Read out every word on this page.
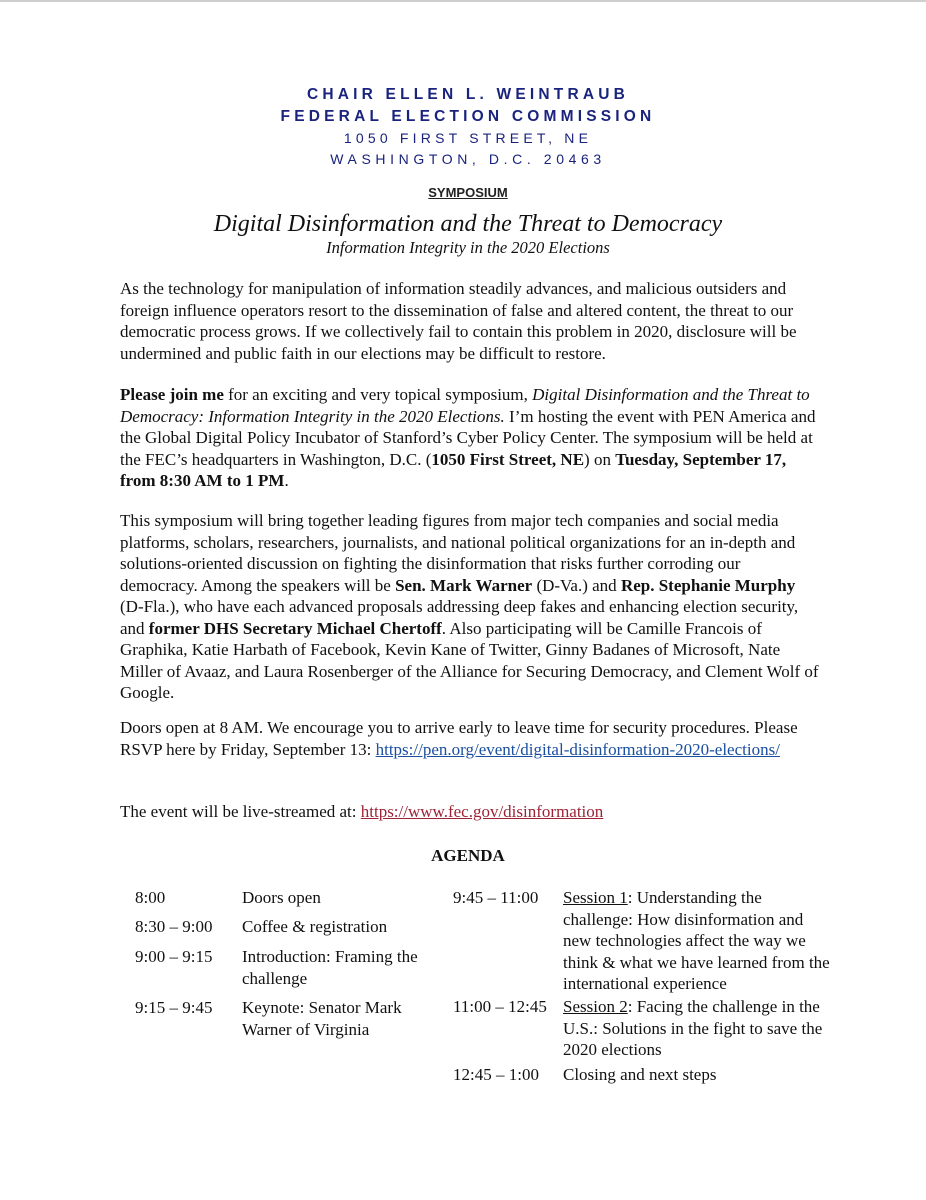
CHAIR ELLEN L. WEINTRAUB
FEDERAL ELECTION COMMISSION
1050 FIRST STREET, NE
WASHINGTON, D.C. 20463
SYMPOSIUM
Digital Disinformation and the Threat to Democracy
Information Integrity in the 2020 Elections

As the technology for manipulation of information steadily advances, and malicious outsiders and foreign influence operators resort to the dissemination of false and altered content, the threat to our democratic process grows. If we collectively fail to contain this problem in 2020, disclosure will be undermined and public faith in our elections may be difficult to restore.

Please join me for an exciting and very topical symposium, Digital Disinformation and the Threat to Democracy: Information Integrity in the 2020 Elections. I’m hosting the event with PEN America and the Global Digital Policy Incubator of Stanford’s Cyber Policy Center. The symposium will be held at the FEC’s headquarters in Washington, D.C. (1050 First Street, NE) on Tuesday, September 17, from 8:30 AM to 1 PM.

This symposium will bring together leading figures from major tech companies and social media platforms, scholars, researchers, journalists, and national political organizations for an in-depth and solutions-oriented discussion on fighting the disinformation that risks further corroding our democracy. Among the speakers will be Sen. Mark Warner (D-Va.) and Rep. Stephanie Murphy (D-Fla.), who have each advanced proposals addressing deep fakes and enhancing election security, and former DHS Secretary Michael Chertoff. Also participating will be Camille Francois of Graphika, Katie Harbath of Facebook, Kevin Kane of Twitter, Ginny Badanes of Microsoft, Nate Miller of Avaaz, and Laura Rosenberger of the Alliance for Securing Democracy, and Clement Wolf of Google.

Doors open at 8 AM. We encourage you to arrive early to leave time for security procedures. Please RSVP here by Friday, September 13: https://pen.org/event/digital-disinformation-2020-elections/

The event will be live-streamed at: https://www.fec.gov/disinformation

AGENDA
8:00	Doors open
8:30 – 9:00 Coffee & registration
9:00 – 9:15 Introduction: Framing the challenge
9:15 – 9:45 Keynote: Senator Mark Warner of Virginia
9:45 – 11:00 Session 1: Understanding the challenge: How disinformation and new technologies affect the way we think & what we have learned from the international experience
11:00 – 12:45 Session 2: Facing the challenge in the U.S.: Solutions in the fight to save the 2020 elections
12:45 – 1:00 Closing and next steps
